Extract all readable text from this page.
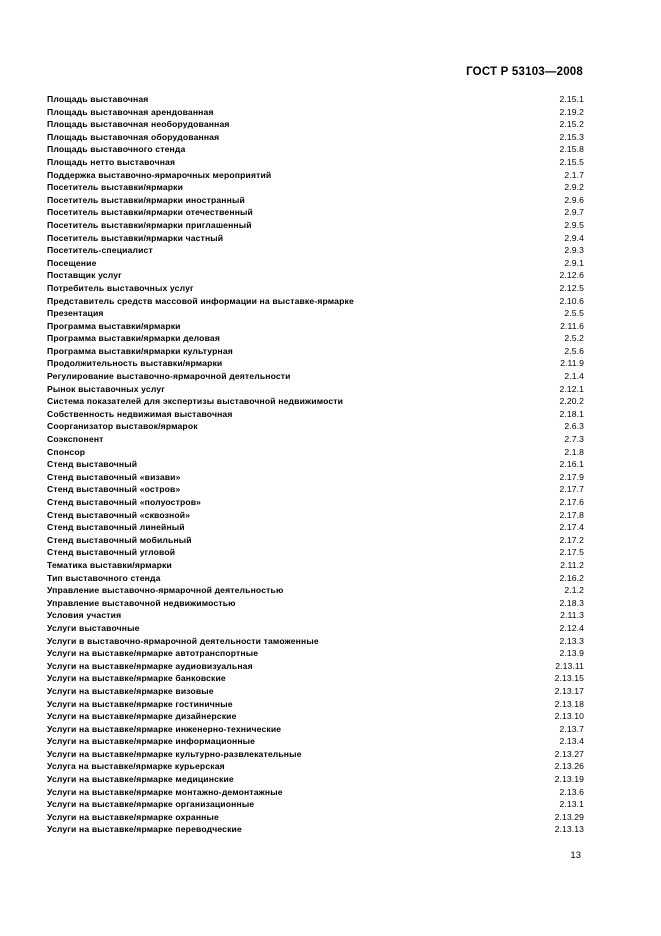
ГОСТ Р 53103—2008
Площадь выставочная	2.15.1
Площадь выставочная арендованная	2.19.2
Площадь выставочная необорудованная	2.15.2
Площадь выставочная оборудованная	2.15.3
Площадь выставочного стенда	2.15.8
Площадь нетто выставочная	2.15.5
Поддержка выставочно-ярмарочных мероприятий	2.1.7
Посетитель выставки/ярмарки	2.9.2
Посетитель выставки/ярмарки иностранный	2.9.6
Посетитель выставки/ярмарки отечественный	2.9.7
Посетитель выставки/ярмарки приглашенный	2.9.5
Посетитель выставки/ярмарки частный	2.9.4
Посетитель-специалист	2.9.3
Посещение	2.9.1
Поставщик услуг	2.12.6
Потребитель выставочных услуг	2.12.5
Представитель средств массовой информации на выставке-ярмарке	2.10.6
Презентация	2.5.5
Программа выставки/ярмарки	2.11.6
Программа выставки/ярмарки деловая	2.5.2
Программа выставки/ярмарки культурная	2.5.6
Продолжительность выставки/ярмарки	2.11.9
Регулирование выставочно-ярмарочной деятельности	2.1.4
Рынок выставочных услуг	2.12.1
Система показателей для экспертизы выставочной недвижимости	2.20.2
Собственность недвижимая выставочная	2.18.1
Соорганизатор выставок/ярмарок	2.6.3
Соэкспонент	2.7.3
Спонсор	2.1.8
Стенд выставочный	2.16.1
Стенд выставочный «визави»	2.17.9
Стенд выставочный «остров»	2.17.7
Стенд выставочный «полуостров»	2.17.6
Стенд выставочный «сквозной»	2.17.8
Стенд выставочный линейный	2.17.4
Стенд выставочный мобильный	2.17.2
Стенд выставочный угловой	2.17.5
Тематика выставки/ярмарки	2.11.2
Тип выставочного стенда	2.16.2
Управление выставочно-ярмарочной деятельностью	2.1.2
Управление выставочной недвижимостью	2.18.3
Условия участия	2.11.3
Услуги выставочные	2.12.4
Услуги в выставочно-ярмарочной деятельности таможенные	2.13.3
Услуги на выставке/ярмарке автотранспортные	2.13.9
Услуги на выставке/ярмарке аудиовизуальная	2.13.11
Услуги на выставке/ярмарке банковские	2.13.15
Услуги на выставке/ярмарке визовые	2.13.17
Услуги на выставке/ярмарке гостиничные	2.13.18
Услуги на выставке/ярмарке дизайнерские	2.13.10
Услуги на выставке/ярмарке инженерно-технические	2.13.7
Услуги на выставке/ярмарке информационные	2.13.4
Услуги на выставке/ярмарке культурно-развлекательные	2.13.27
Услуга на выставке/ярмарке курьерская	2.13.26
Услуги на выставке/ярмарке медицинские	2.13.19
Услуги на выставке/ярмарке монтажно-демонтажные	2.13.6
Услуги на выставке/ярмарке организационные	2.13.1
Услуги на выставке/ярмарке охранные	2.13.29
Услуги на выставке/ярмарке переводческие	2.13.13
13
